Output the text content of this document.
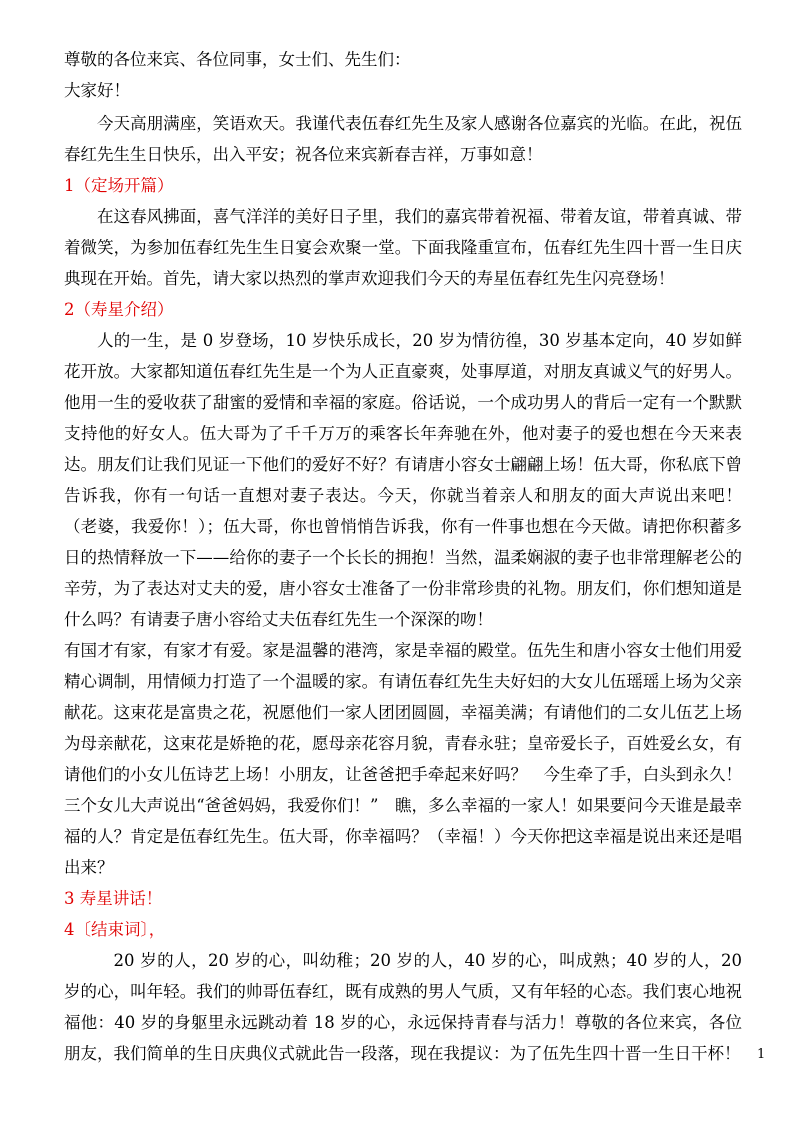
尊敬的各位来宾、各位同事，女士们、先生们：

大家好！

今天高朋满座，笑语欢天。我谨代表伍春红先生及家人感谢各位嘉宾的光临。在此，祝伍春红先生生日快乐，出入平安；祝各位来宾新春吉祥，万事如意！

1（定场开篇）

在这春风拂面，喜气洋洋的美好日子里，我们的嘉宾带着祝福、带着友谊，带着真诚、带着微笑，为参加伍春红先生生日宴会欢聚一堂。下面我隆重宣布，伍春红先生四十晋一生日庆典现在开始。首先，请大家以热烈的掌声欢迎我们今天的寿星伍春红先生闪亮登场！

2（寿星介绍）

人的一生，是 0 岁登场，10 岁快乐成长，20 岁为情彷徨，30 岁基本定向，40 岁如鲜花开放。大家都知道伍春红先生是一个为人正直豪爽，处事厚道，对朋友真诚义气的好男人。他用一生的爱收获了甜蜜的爱情和幸福的家庭。俗话说，一个成功男人的背后一定有一个默默支持他的好女人。伍大哥为了千千万万的乘客长年奔驰在外，他对妻子的爱也想在今天来表达。朋友们让我们见证一下他们的爱好不好？有请唐小容女士翩翩上场！伍大哥，你私底下曾告诉我，你有一句话一直想对妻子表达。今天，你就当着亲人和朋友的面大声说出来吧！　　（老婆，我爱你！）；伍大哥，你也曾悄悄告诉我，你有一件事也想在今天做。请把你积蓄多日的热情释放一下——给你的妻子一个长长的拥抱！当然，温柔娴淑的妻子也非常理解老公的辛劳，为了表达对丈夫的爱，唐小容女士准备了一份非常珍贵的礼物。朋友们，你们想知道是什么吗？有请妻子唐小容给丈夫伍春红先生一个深深的吻！

有国才有家，有家才有爱。家是温馨的港湾，家是幸福的殿堂。伍先生和唐小容女士他们用爱精心调制，用情倾力打造了一个温暖的家。有请伍春红先生夫好妇的大女儿伍瑶瑶上场为父亲献花。这束花是富贵之花，祝愿他们一家人团团圆圆，幸福美满；有请他们的二女儿伍艺上场为母亲献花，这束花是娇艳的花，愿母亲花容月貌，青春永驻；皇帝爱长子，百姓爱幺女，有请他们的小女儿伍诗艺上场！小朋友，让爸爸把手牵起来好吗？　今生牵了手，白头到永久！三个女儿大声说出“爸爸妈妈，我爱你们！”　瞧，多么幸福的一家人！如果要问今天谁是最幸福的人？肯定是伍春红先生。伍大哥，你幸福吗？（幸福！）今天你把这幸福是说出来还是唱出来？

3 寿星讲话！

4〔结束词〕，

20 岁的人，20 岁的心，叫幼稚；20 岁的人，40 岁的心，叫成熟；40 岁的人，20 岁的心，叫年轻。我们的帅哥伍春红，既有成熟的男人气质，又有年轻的心态。我们衷心地祝福他：40 岁的身躯里永远跳动着 18 岁的心，永远保持青春与活力！尊敬的各位来宾，各位朋友，我们简单的生日庆典仪式就此告一段落，现在我提议：为了伍先生四十晋一生日干杯！ 1
